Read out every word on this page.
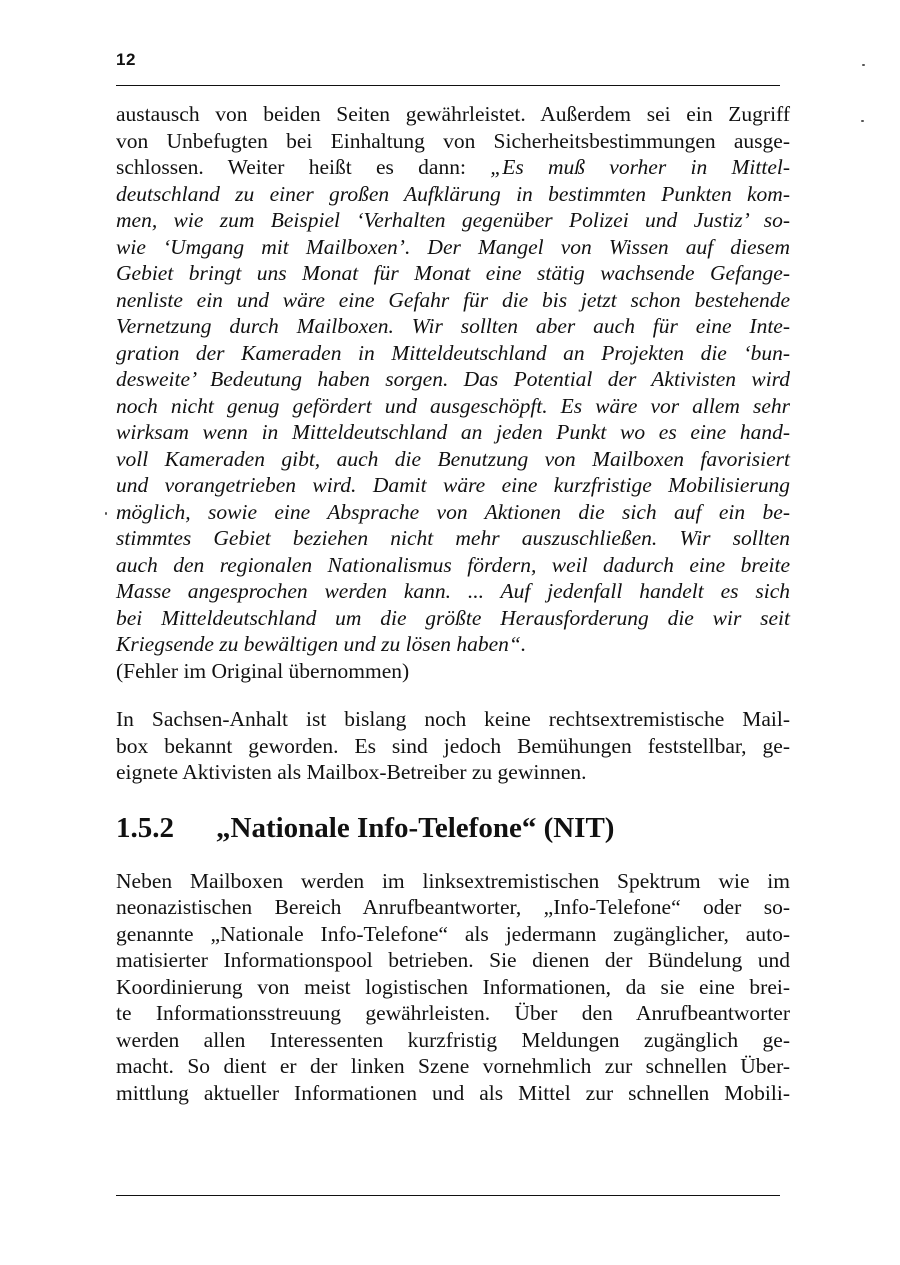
12
austausch von beiden Seiten gewährleistet. Außerdem sei ein Zugriff
von Unbefugten bei Einhaltung von Sicherheitsbestimmungen ausge-
schlossen. Weiter heißt es dann: „Es muß vorher in Mittel-
deutschland zu einer großen Aufklärung in bestimmten Punkten kom-
men, wie zum Beispiel ‘Verhalten gegenüber Polizei und Justiz’ so-
wie ‘Umgang mit Mailboxen’. Der Mangel von Wissen auf diesem
Gebiet bringt uns Monat für Monat eine stätig wachsende Gefange-
nenliste ein und wäre eine Gefahr für die bis jetzt schon bestehende
Vernetzung durch Mailboxen. Wir sollten aber auch für eine Inte-
gration der Kameraden in Mitteldeutschland an Projekten die ‘bun-
desweite’ Bedeutung haben sorgen. Das Potential der Aktivisten wird
noch nicht genug gefördert und ausgeschöpft. Es wäre vor allem sehr
wirksam wenn in Mitteldeutschland an jeden Punkt wo es eine hand-
voll Kameraden gibt, auch die Benutzung von Mailboxen favorisiert
und vorangetrieben wird. Damit wäre eine kurzfristige Mobilisierung
möglich, sowie eine Absprache von Aktionen die sich auf ein be-
stimmtes Gebiet beziehen nicht mehr auszuschließen. Wir sollten
auch den regionalen Nationalismus fördern, weil dadurch eine breite
Masse angesprochen werden kann. ... Auf jedenfall handelt es sich
bei Mitteldeutschland um die größte Herausforderung die wir seit
Kriegsende zu bewältigen und zu lösen haben“.
(Fehler im Original übernommen)
In Sachsen-Anhalt ist bislang noch keine rechtsextremistische Mail-
box bekannt geworden. Es sind jedoch Bemühungen feststellbar, ge-
eignete Aktivisten als Mailbox-Betreiber zu gewinnen.
1.5.2 „Nationale Info-Telefone“ (NIT)
Neben Mailboxen werden im linksextremistischen Spektrum wie im
neonazistischen Bereich Anrufbeantworter, „Info-Telefone“ oder so-
genannte „Nationale Info-Telefone“ als jedermann zugänglicher, auto-
matisierter Informationspool betrieben. Sie dienen der Bündelung und
Koordinierung von meist logistischen Informationen, da sie eine brei-
te Informationsstreuung gewährleisten. Über den Anrufbeantworter
werden allen Interessenten kurzfristig Meldungen zugänglich ge-
macht. So dient er der linken Szene vornehmlich zur schnellen Über-
mittlung aktueller Informationen und als Mittel zur schnellen Mobili-
